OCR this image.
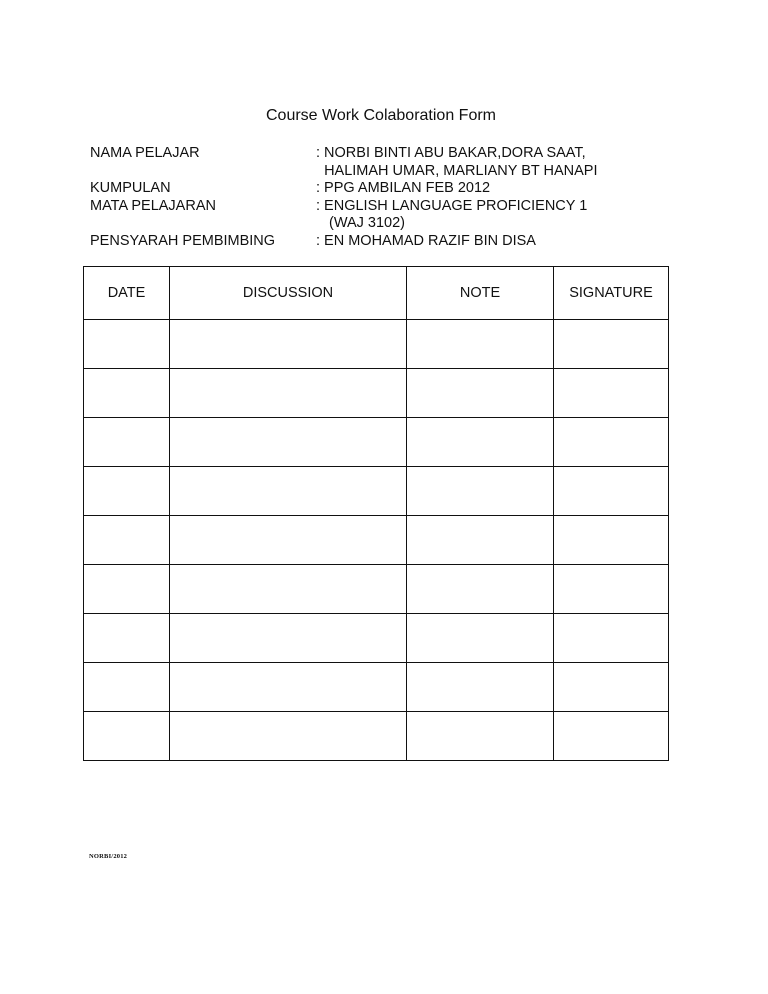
Course Work Colaboration Form
NAMA PELAJAR	: NORBI BINTI ABU BAKAR,DORA SAAT,
HALIMAH UMAR, MARLIANY BT HANAPI
KUMPULAN	: PPG AMBILAN FEB 2012
MATA PELAJARAN	: ENGLISH LANGUAGE PROFICIENCY 1
(WAJ 3102)
PENSYARAH PEMBIMBING	: EN MOHAMAD RAZIF BIN DISA
DATE	DISCUSSION	NOTE	SIGNATURE

NORBI/2012
